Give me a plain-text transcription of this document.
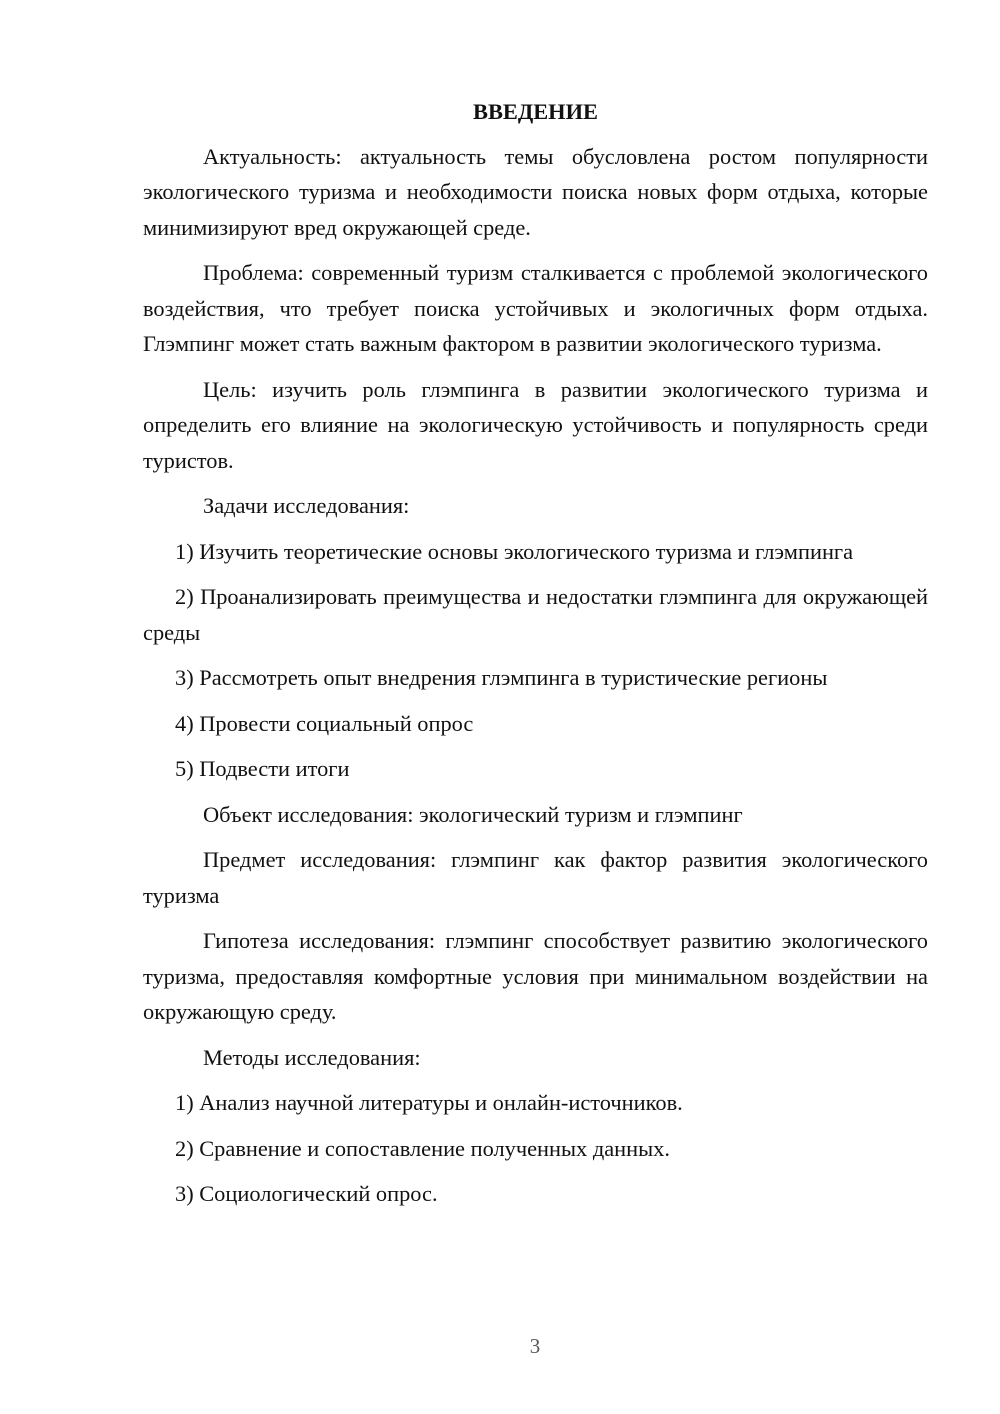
ВВЕДЕНИЕ

Актуальность: актуальность темы обусловлена ростом популярности экологического туризма и необходимости поиска новых форм отдыха, которые минимизируют вред окружающей среде.

Проблема: современный туризм сталкивается с проблемой экологического воздействия, что требует поиска устойчивых и экологичных форм отдыха. Глэмпинг может стать важным фактором в развитии экологического туризма.

Цель: изучить роль глэмпинга в развитии экологического туризма и определить его влияние на экологическую устойчивость и популярность среди туристов.

Задачи исследования:

1) Изучить теоретические основы экологического туризма и глэмпинга

2) Проанализировать преимущества и недостатки глэмпинга для окружающей среды

3) Рассмотреть опыт внедрения глэмпинга в туристические регионы

4) Провести социальный опрос

5) Подвести итоги

Объект исследования: экологический туризм и глэмпинг

Предмет исследования: глэмпинг как фактор развития экологического туризма

Гипотеза исследования: глэмпинг способствует развитию экологического туризма, предоставляя комфортные условия при минимальном воздействии на окружающую среду.

Методы исследования:

1) Анализ научной литературы и онлайн-источников.

2) Сравнение и сопоставление полученных данных.

3) Социологический опрос.

3
